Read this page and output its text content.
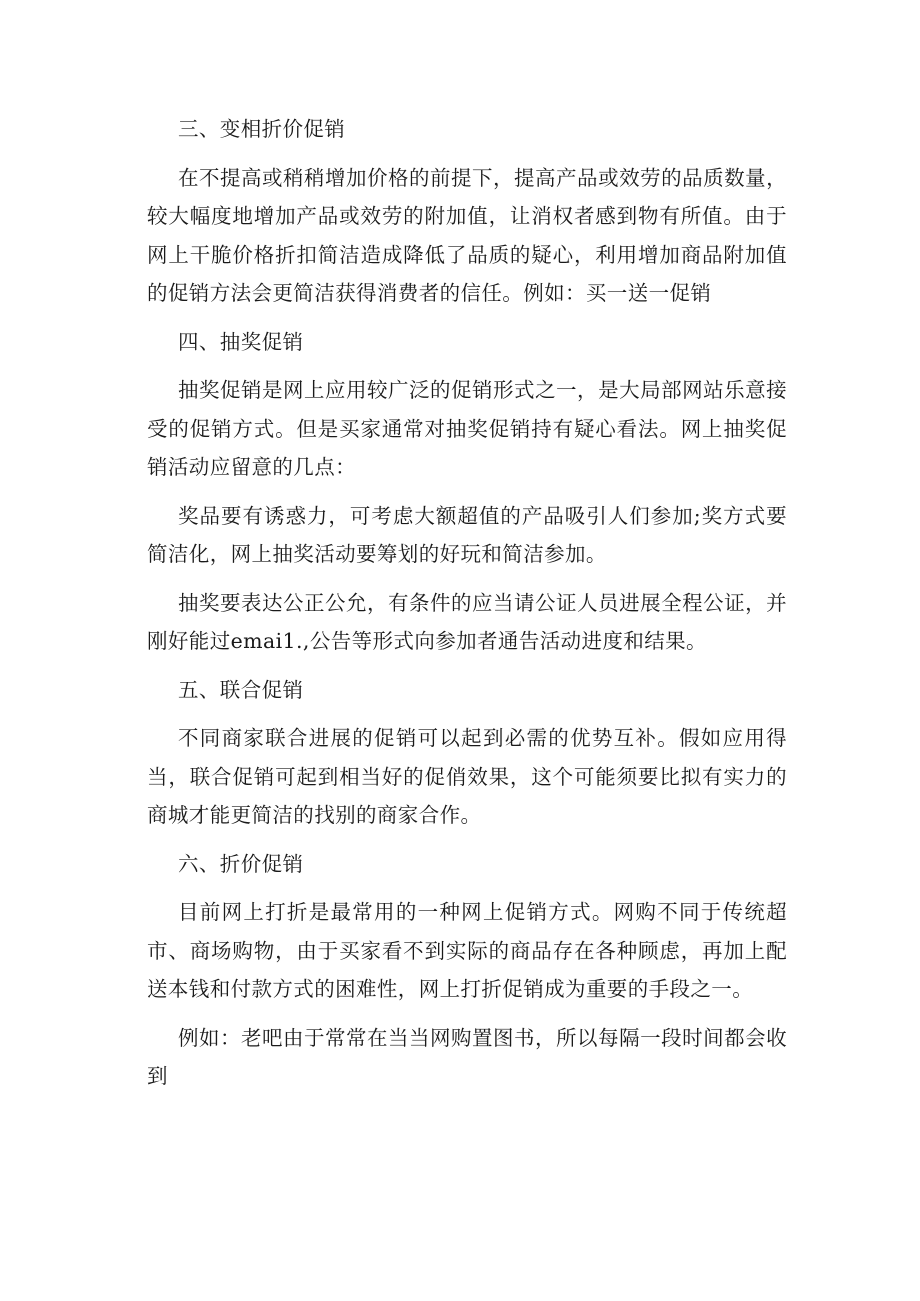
三、变相折价促销

在不提高或稍稍增加价格的前提下，提高产品或效劳的品质数量，较大幅度地增加产品或效劳的附加值，让消权者感到物有所值。由于网上干脆价格折扣简洁造成降低了品质的疑心，利用增加商品附加值的促销方法会更简洁获得消费者的信任。例如：买一送一促销

四、抽奖促销

抽奖促销是网上应用较广泛的促销形式之一，是大局部网站乐意接受的促销方式。但是买家通常对抽奖促销持有疑心看法。网上抽奖促销活动应留意的几点：

奖品要有诱惑力，可考虑大额超值的产品吸引人们参加;奖方式要简洁化，网上抽奖活动要筹划的好玩和简洁参加。

抽奖要表达公正公允，有条件的应当请公证人员进展全程公证，并刚好能过emai1.,公告等形式向参加者通告活动进度和结果。

五、联合促销

不同商家联合进展的促销可以起到必需的优势互补。假如应用得当，联合促销可起到相当好的促俏效果，这个可能须要比拟有实力的商城才能更简洁的找别的商家合作。

六、折价促销

目前网上打折是最常用的一种网上促销方式。网购不同于传统超市、商场购物，由于买家看不到实际的商品存在各种顾虑，再加上配送本钱和付款方式的困难性，网上打折促销成为重要的手段之一。

例如：老吧由于常常在当当网购置图书，所以每隔一段时间都会收到
